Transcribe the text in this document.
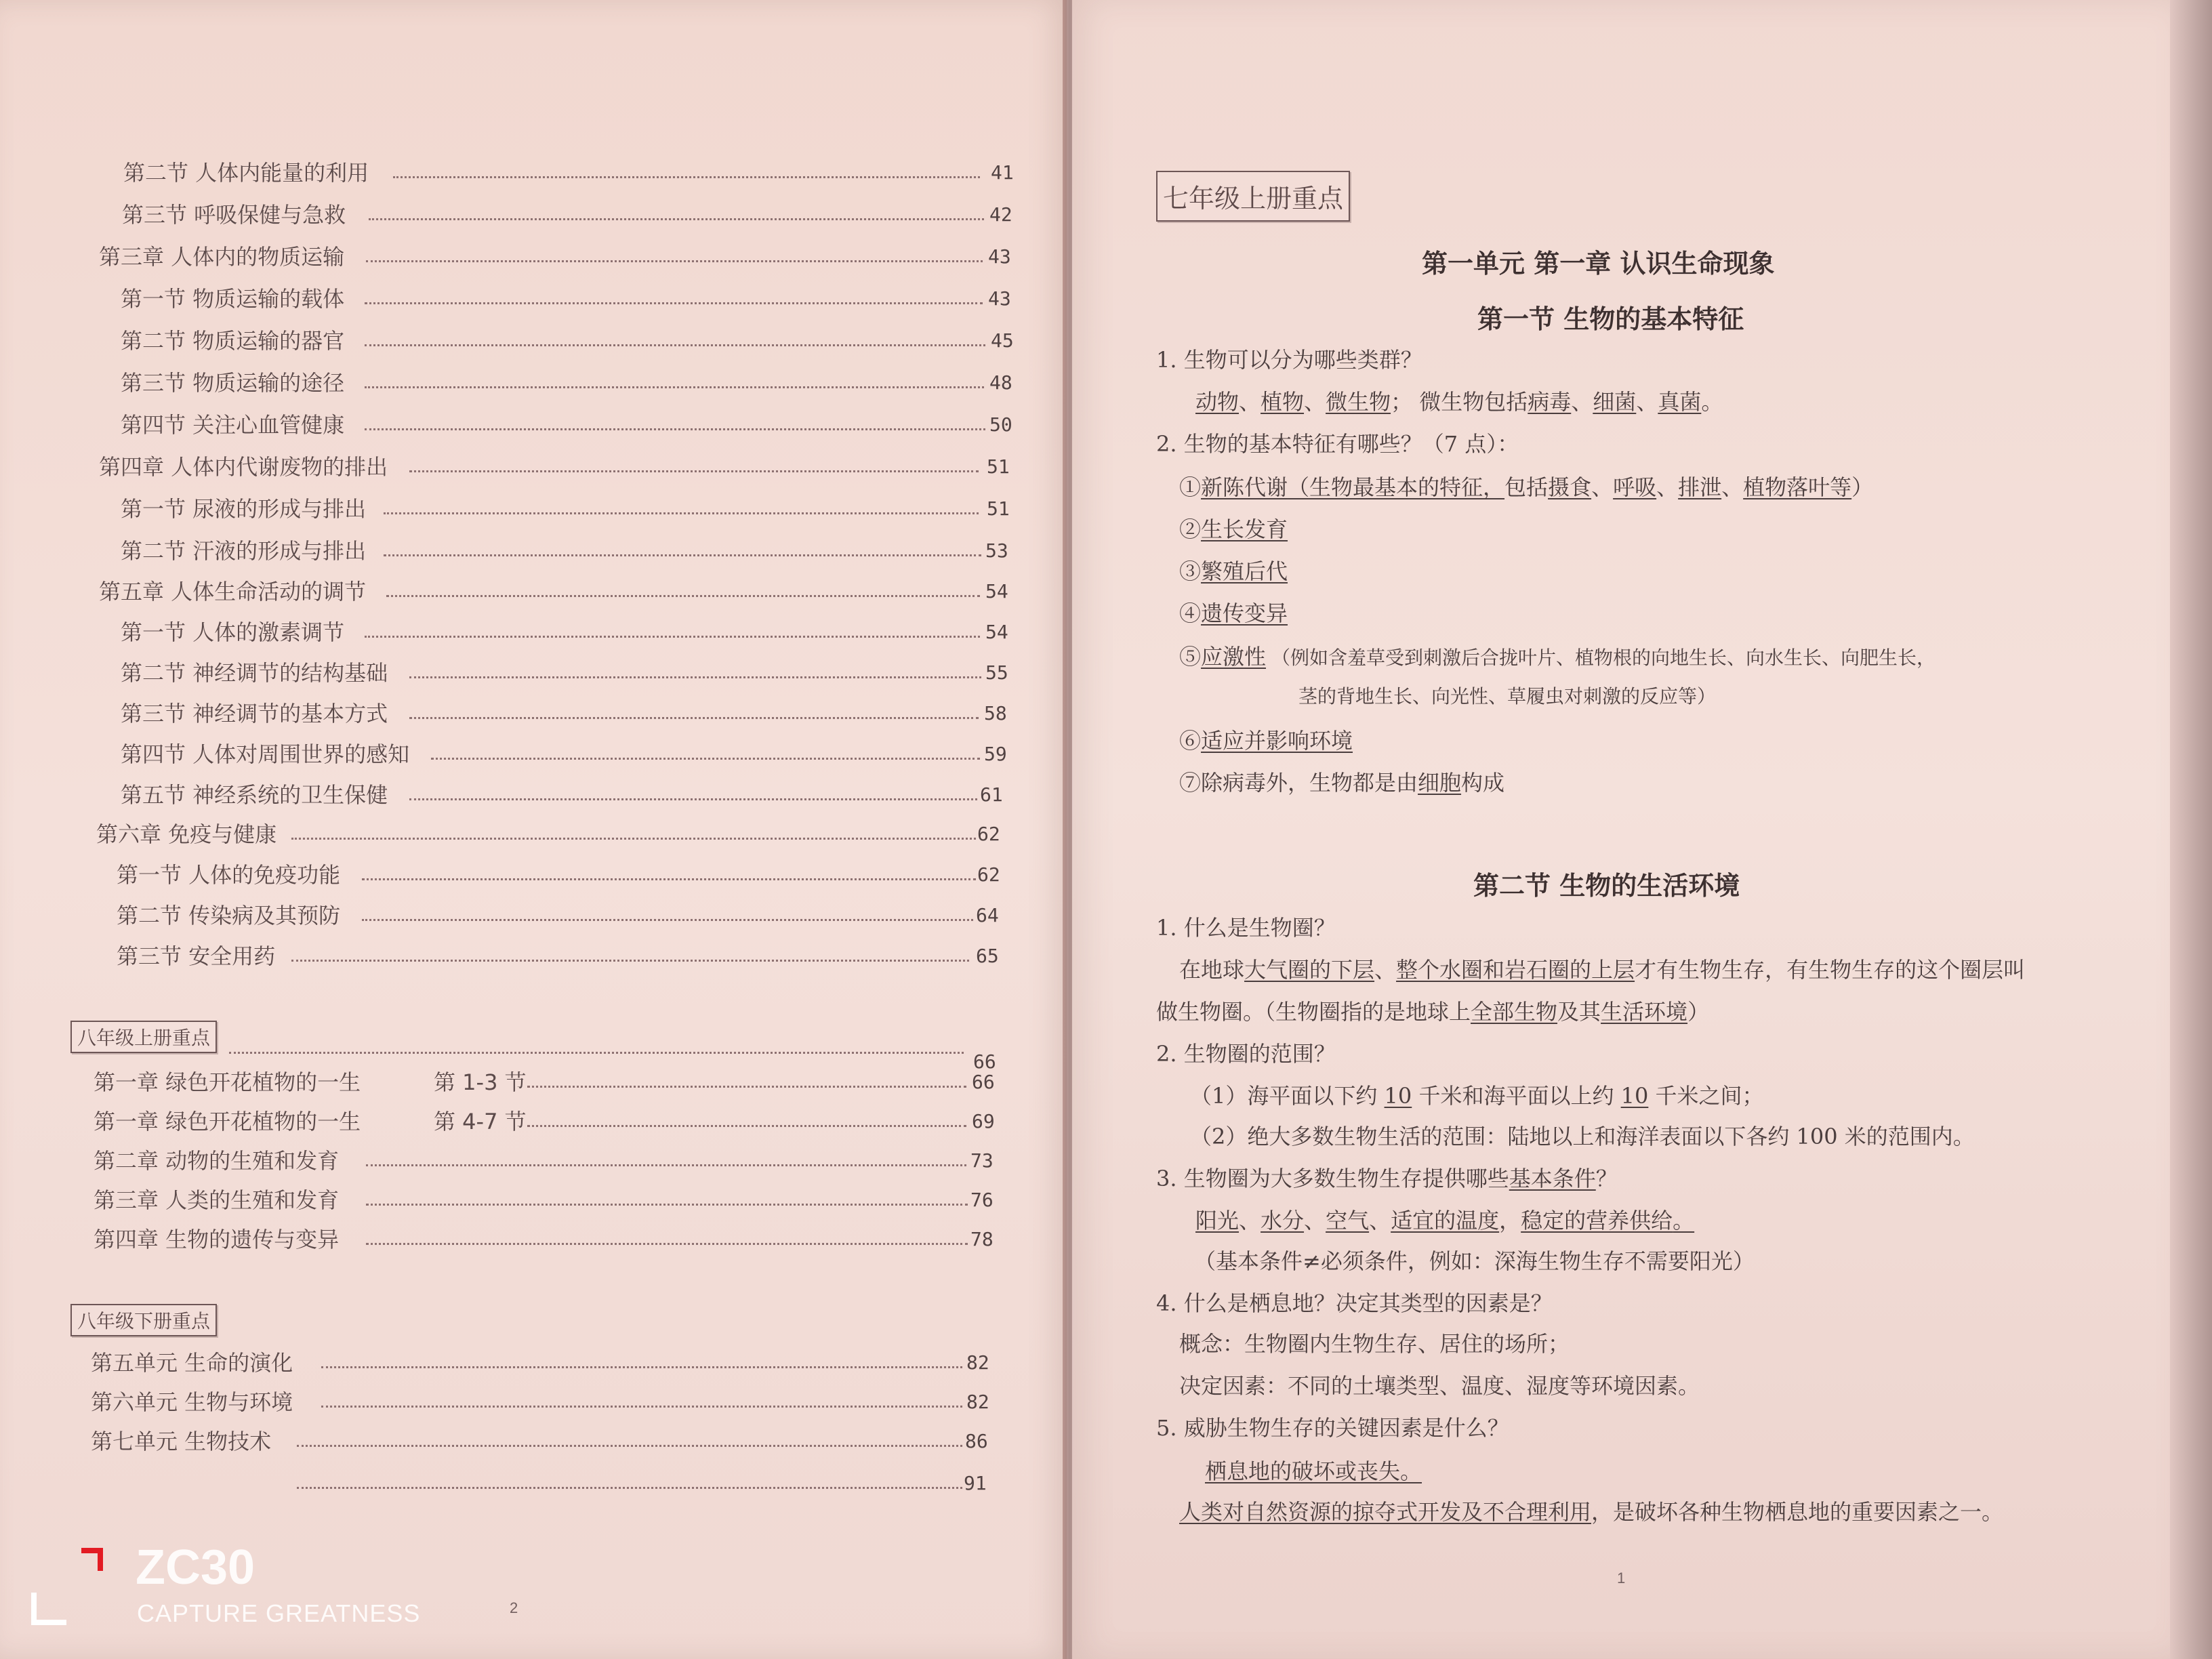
第二节 人体内能量的利用	41
第三节 呼吸保健与急救	42
第三章 人体内的物质运输	43
第一节 物质运输的载体	43
第二节 物质运输的器官	45
第三节 物质运输的途径	48
第四节 关注心血管健康	50
第四章 人体内代谢废物的排出	51
第一节 尿液的形成与排出	51
第二节 汗液的形成与排出	53
第五章 人体生命活动的调节	54
第一节 人体的激素调节	54
第二节 神经调节的结构基础	55
第三节 神经调节的基本方式	58
第四节 人体对周围世界的感知	59
第五节 神经系统的卫生保健	61
第六章 免疫与健康	62
第一节 人体的免疫功能	62
第二节 传染病及其预防	64
第三节 安全用药	65
八年级上册重点
66
第一章 绿色开花植物的一生	第 1-3 节	66
第一章 绿色开花植物的一生	第 4-7 节	69
第二章 动物的生殖和发育	73
第三章 人类的生殖和发育	76
第四章 生物的遗传与变异	78
八年级下册重点
第五单元 生命的演化	82
第六单元 生物与环境	82
第七单元 生物技术	86
91
ZC30
CAPTURE GREATNESS	2
七年级上册重点
第一单元 第一章 认识生命现象
第一节 生物的基本特征
1. 生物可以分为哪些类群？
动物、植物、微生物； 微生物包括病毒、细菌、真菌。
2. 生物的基本特征有哪些？（7 点）：
①新陈代谢（生物最基本的特征，包括摄食、呼吸、排泄、植物落叶等）
②生长发育
③繁殖后代
④遗传变异
⑤应激性 （例如含羞草受到刺激后合拢叶片、植物根的向地生长、向水生长、向肥生长，
茎的背地生长、向光性、草履虫对刺激的反应等）
⑥适应并影响环境
⑦除病毒外，生物都是由细胞构成
第二节 生物的生活环境
1. 什么是生物圈？
在地球大气圈的下层、整个水圈和岩石圈的上层才有生物生存，有生物生存的这个圈层叫
做生物圈。（生物圈指的是地球上全部生物及其生活环境）
2. 生物圈的范围？
（1）海平面以下约 10 千米和海平面以上约 10 千米之间；
（2）绝大多数生物生活的范围：陆地以上和海洋表面以下各约 100 米的范围内。
3. 生物圈为大多数生物生存提供哪些基本条件？
阳光、水分、空气、适宜的温度，稳定的营养供给。
（基本条件≠必须条件，例如：深海生物生存不需要阳光）
4. 什么是栖息地？决定其类型的因素是？
概念：生物圈内生物生存、居住的场所；
决定因素：不同的土壤类型、温度、湿度等环境因素。
5. 威胁生物生存的关键因素是什么？
栖息地的破坏或丧失。
人类对自然资源的掠夺式开发及不合理利用，是破坏各种生物栖息地的重要因素之一。
1
